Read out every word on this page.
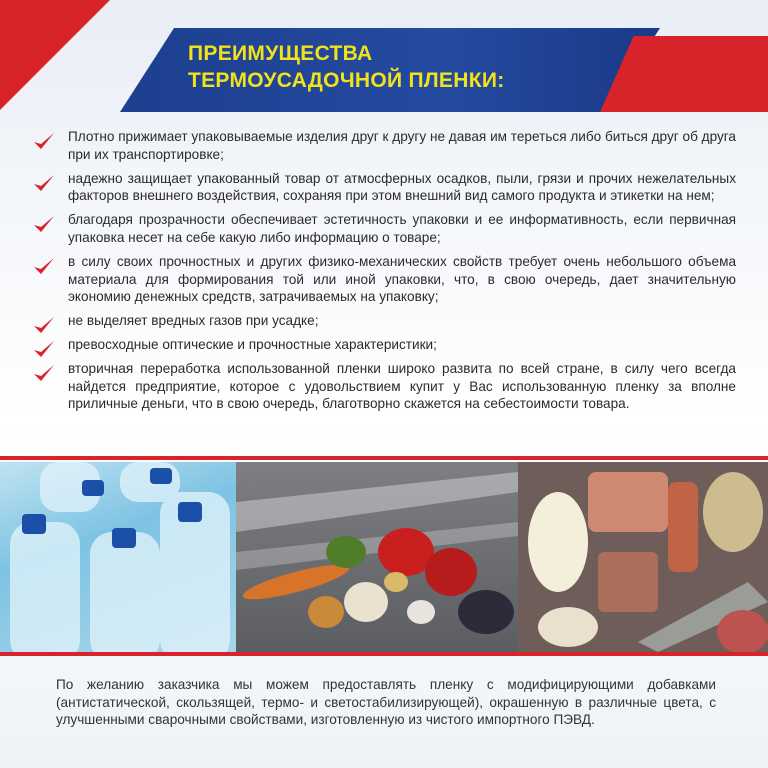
ПРЕИМУЩЕСТВА
ТЕРМОУСАДОЧНОЙ ПЛЕНКИ:
Плотно прижимает упаковываемые изделия друг к другу не давая им тереться либо биться друг об друга при их транспортировке;
надежно защищает упакованный товар от атмосферных осадков, пыли, грязи и прочих нежелательных факторов внешнего воздействия, сохраняя при этом внешний вид самого продукта и этикетки на нем;
благодаря прозрачности обеспечивает эстетичность упаковки и ее информативность, если первичная упаковка несет на себе какую либо информацию о товаре;
в силу своих прочностных и других физико-механических свойств требует очень небольшого объема материала для формирования той или иной упаковки, что, в свою очередь, дает значительную экономию денежных средств, затрачиваемых на упаковку;
не выделяет вредных газов при усадке;
превосходные оптические и прочностные характеристики;
вторичная переработка использованной пленки широко развита по всей стране, в силу чего всегда найдется предприятие, которое с удовольствием купит у Вас использованную пленку за вполне приличные деньги, что в свою очередь, благотворно скажется на себестоимости товара.

По желанию заказчика мы можем предоставлять пленку с модифицирующими добавками (антистатической, скользящей, термо- и светостабилизирующей), окрашенную в различные цвета, с улучшенными сварочными свойствами, изготовленную из чистого импортного ПЭВД.
